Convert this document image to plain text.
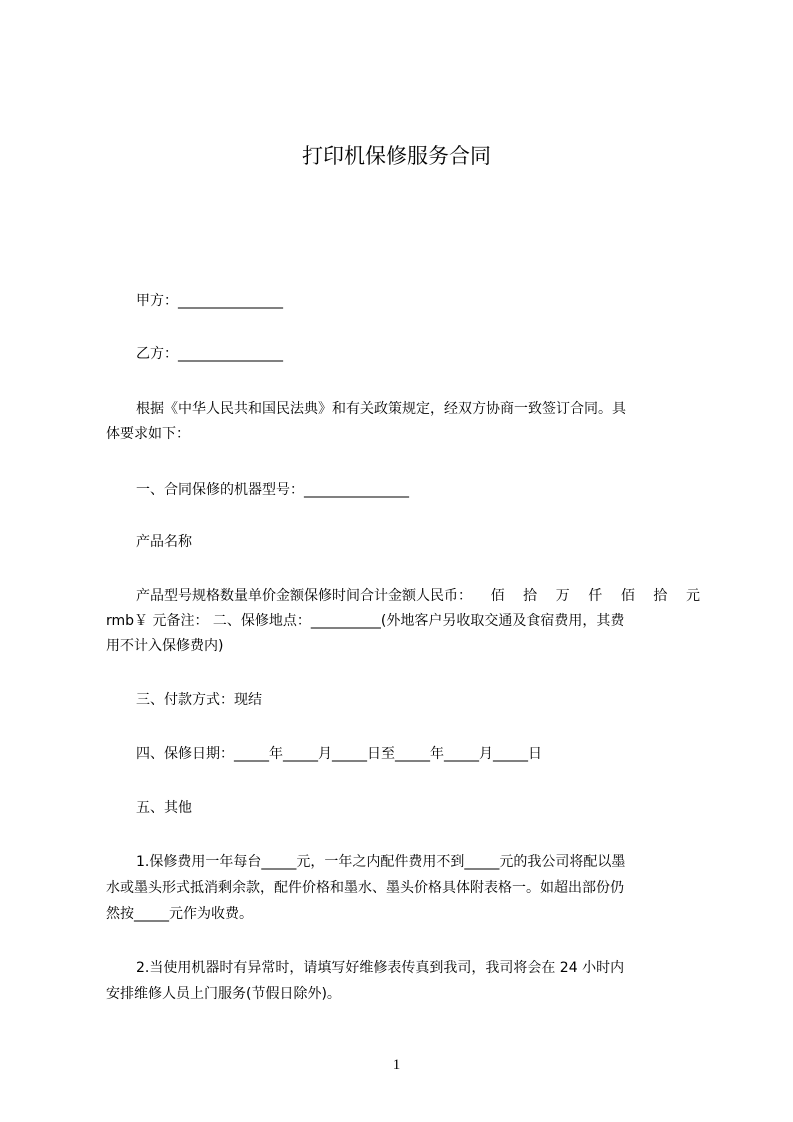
打印机保修服务合同
甲方：_______________
乙方：_______________
根据《中华人民共和国民法典》和有关政策规定，经双方协商一致签订合同。具
体要求如下：
一、合同保修的机器型号：_______________
产品名称
产品型号规格数量单价金额保修时间合计金额人民币： 佰 拾 万 仟 佰 拾 元
rmb￥ 元备注： 二、保修地点：__________(外地客户另收取交通及食宿费用，其费
用不计入保修费内)
三、付款方式：现结
四、保修日期：_____年_____月_____日至_____年_____月_____日
五、其他
1.保修费用一年每台_____元，一年之内配件费用不到_____元的我公司将配以墨
水或墨头形式抵消剩余款，配件价格和墨水、墨头价格具体附表格一。如超出部份仍
然按_____元作为收费。
2.当使用机器时有异常时，请填写好维修表传真到我司，我司将会在 24 小时内
安排维修人员上门服务(节假日除外)。
1
